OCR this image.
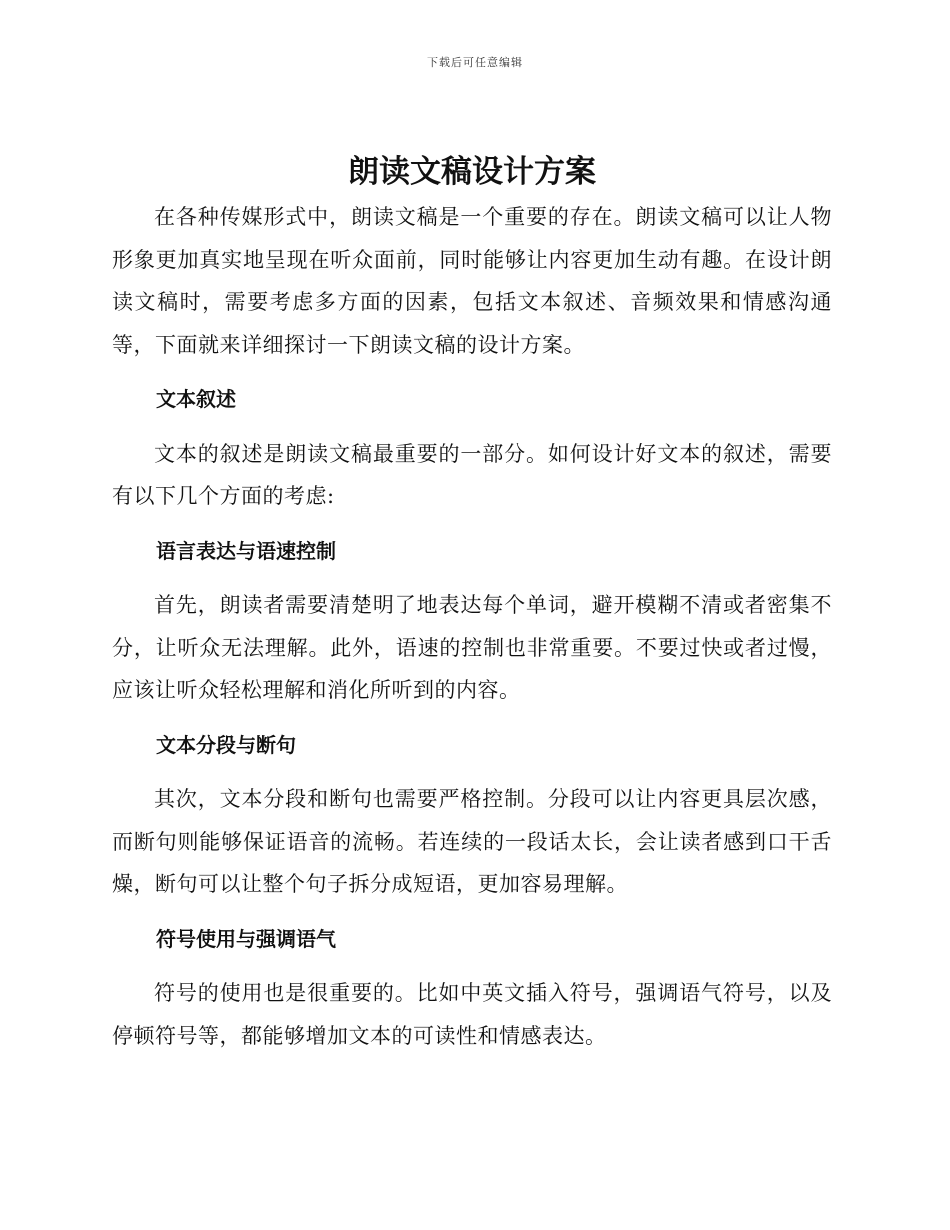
下载后可任意编辑
朗读文稿设计方案

在各种传媒形式中，朗读文稿是一个重要的存在。朗读文稿可以让人物形象更加真实地呈现在听众面前，同时能够让内容更加生动有趣。在设计朗读文稿时，需要考虑多方面的因素，包括文本叙述、音频效果和情感沟通等，下面就来详细探讨一下朗读文稿的设计方案。

文本叙述

文本的叙述是朗读文稿最重要的一部分。如何设计好文本的叙述，需要有以下几个方面的考虑:

语言表达与语速控制

首先，朗读者需要清楚明了地表达每个单词，避开模糊不清或者密集不分，让听众无法理解。此外，语速的控制也非常重要。不要过快或者过慢，应该让听众轻松理解和消化所听到的内容。

文本分段与断句

其次，文本分段和断句也需要严格控制。分段可以让内容更具层次感，而断句则能够保证语音的流畅。若连续的一段话太长，会让读者感到口干舌燥，断句可以让整个句子拆分成短语，更加容易理解。

符号使用与强调语气

符号的使用也是很重要的。比如中英文插入符号，强调语气符号，以及停顿符号等，都能够增加文本的可读性和情感表达。
